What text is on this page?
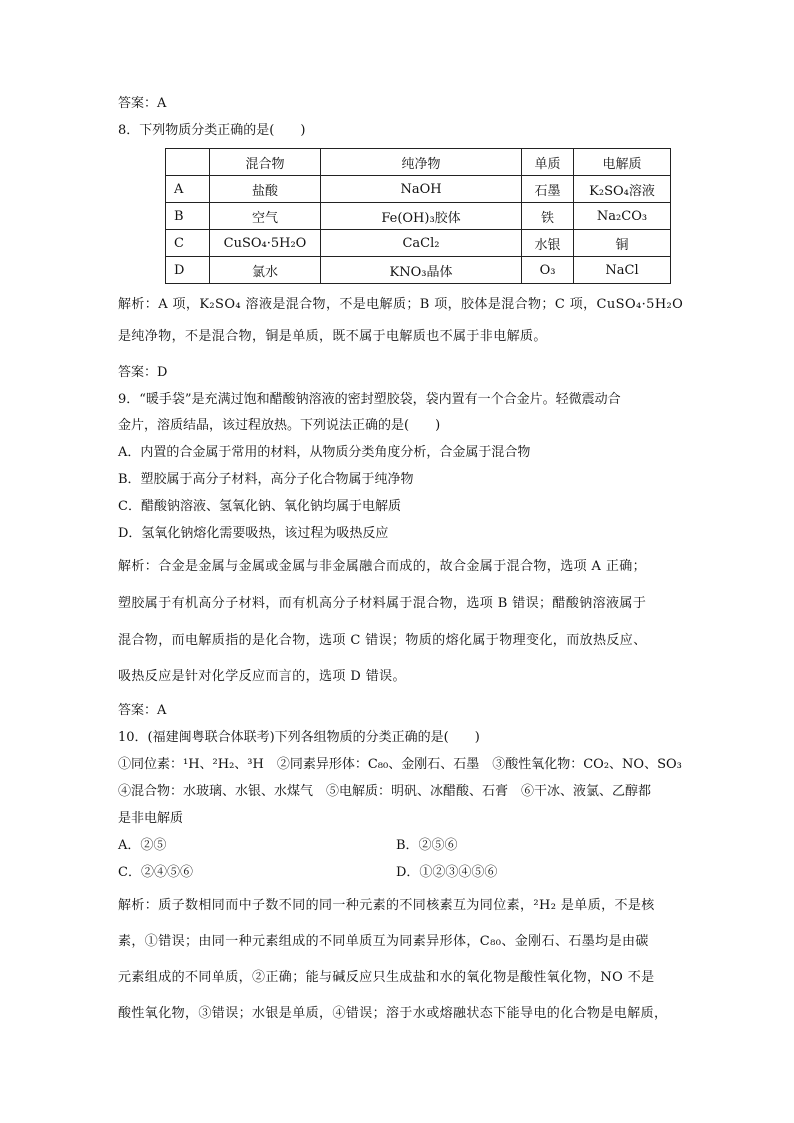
答案：A
8．下列物质分类正确的是(　　)
	混合物	纯净物	单质	电解质
A	盐酸	NaOH	石墨	K₂SO₄溶液
B	空气	Fe(OH)₃胶体	铁	Na₂CO₃
C	CuSO₄·5H₂O	CaCl₂	水银	铜
D	氯水	KNO₃晶体	O₃	NaCl
解析：A 项，K₂SO₄ 溶液是混合物，不是电解质；B 项，胶体是混合物；C 项，CuSO₄·5H₂O
是纯净物，不是混合物，铜是单质，既不属于电解质也不属于非电解质。
答案：D
9．“暖手袋”是充满过饱和醋酸钠溶液的密封塑胶袋，袋内置有一个合金片。轻微震动合
金片，溶质结晶，该过程放热。下列说法正确的是(　　)
A．内置的合金属于常用的材料，从物质分类角度分析，合金属于混合物
B．塑胶属于高分子材料，高分子化合物属于纯净物
C．醋酸钠溶液、氢氧化钠、氧化钠均属于电解质
D．氢氧化钠熔化需要吸热，该过程为吸热反应
解析：合金是金属与金属或金属与非金属融合而成的，故合金属于混合物，选项 A 正确；
塑胶属于有机高分子材料，而有机高分子材料属于混合物，选项 B 错误；醋酸钠溶液属于
混合物，而电解质指的是化合物，选项 C 错误；物质的熔化属于物理变化，而放热反应、
吸热反应是针对化学反应而言的，选项 D 错误。
答案：A
10．(福建闽粤联合体联考)下列各组物质的分类正确的是(　　)
①同位素：¹H、²H₂、³H　②同素异形体：C₈₀、金刚石、石墨　③酸性氧化物：CO₂、NO、SO₃
④混合物：水玻璃、水银、水煤气　⑤电解质：明矾、冰醋酸、石膏　⑥干冰、液氯、乙醇都
是非电解质
A．②⑤	B．②⑤⑥
C．②④⑤⑥	D．①②③④⑤⑥
解析：质子数相同而中子数不同的同一种元素的不同核素互为同位素，²H₂ 是单质，不是核
素，①错误；由同一种元素组成的不同单质互为同素异形体，C₈₀、金刚石、石墨均是由碳
元素组成的不同单质，②正确；能与碱反应只生成盐和水的氧化物是酸性氧化物，NO 不是
酸性氧化物，③错误；水银是单质，④错误；溶于水或熔融状态下能导电的化合物是电解质，
